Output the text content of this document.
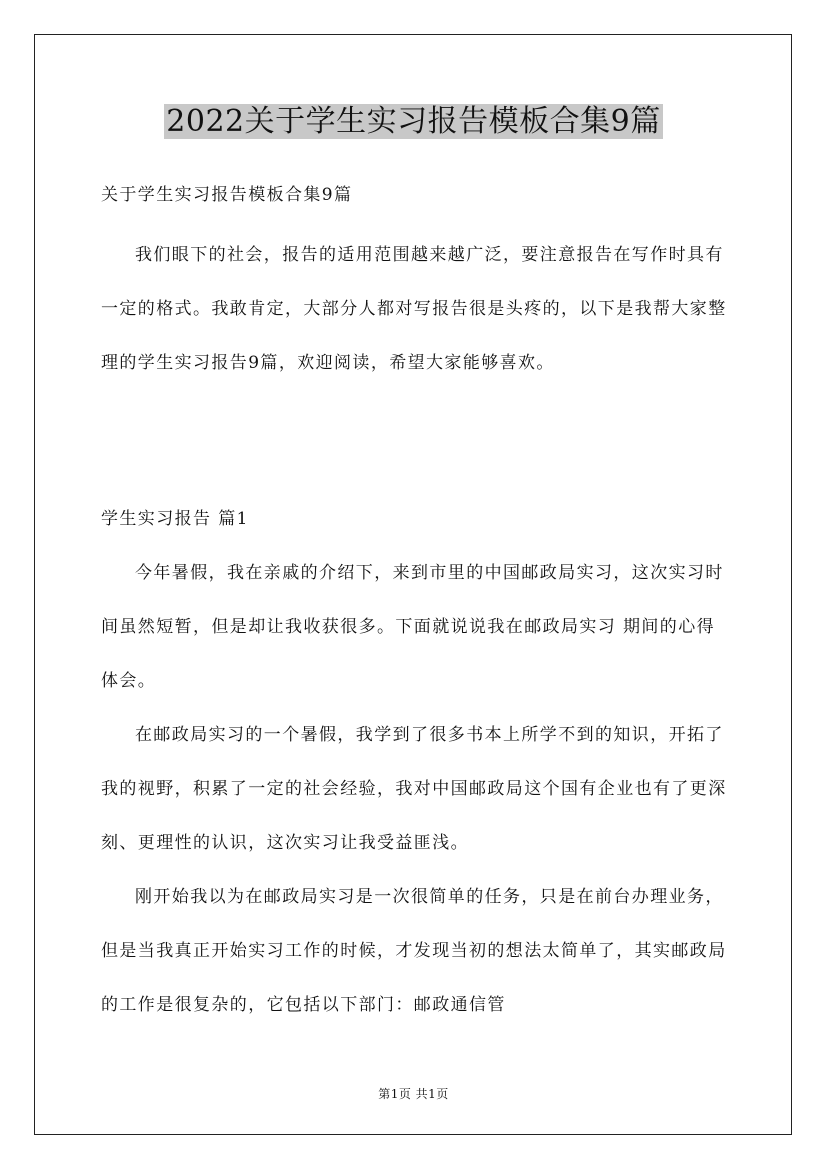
2022关于学生实习报告模板合集9篇
关于学生实习报告模板合集9篇

我们眼下的社会，报告的适用范围越来越广泛，要注意报告在写作时具有一定的格式。我敢肯定，大部分人都对写报告很是头疼的，以下是我帮大家整理的学生实习报告9篇，欢迎阅读，希望大家能够喜欢。

学生实习报告 篇1

今年暑假，我在亲戚的介绍下，来到市里的中国邮政局实习，这次实习时间虽然短暂，但是却让我收获很多。下面就说说我在邮政局实习 期间的心得体会。

在邮政局实习的一个暑假，我学到了很多书本上所学不到的知识，开拓了我的视野，积累了一定的社会经验，我对中国邮政局这个国有企业也有了更深刻、更理性的认识，这次实习让我受益匪浅。

刚开始我以为在邮政局实习是一次很简单的任务，只是在前台办理业务，但是当我真正开始实习工作的时候，才发现当初的想法太简单了，其实邮政局的工作是很复杂的，它包括以下部门：邮政通信管

第1页 共1页
